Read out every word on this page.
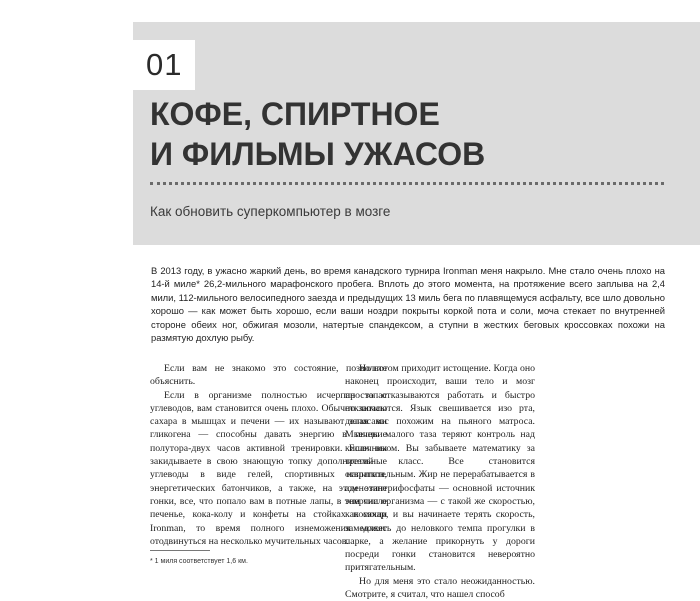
01
КОФЕ, СПИРТНОЕ
И ФИЛЬМЫ УЖАСОВ
Как обновить суперкомпьютер в мозге

В 2013 году, в ужасно жаркий день, во время канадского турнира Ironman меня накрыло. Мне стало очень плохо на 14-й миле* 26,2-мильного марафонского пробега. Вплоть до этого момента, на протяжение всего заплыва на 2,4 мили, 112-мильного велосипедного заезда и предыдущих 13 миль бега по плавящемуся асфальту, все шло довольно хорошо — как может быть хорошо, если ваши ноздри покрыты коркой пота и соли, моча стекает по внутренней стороне обеих ног, обжигая мозоли, натертые спандексом, а ступни в жестких беговых кроссовках похожи на размятую дохлую рыбу.

Если вам не знакомо это состояние, позвольте объяснить.

Если в организме полностью исчерпан запас углеводов, вам становится очень плохо. Обычно запасы сахара в мышцах и печени — их называют запасами гликогена — способны давать энергию в течение полутора-двух часов активной тренировки. Если вы закидываете в свою знающую топку дополнительные углеводы в виде гелей, спортивных напитков, энергетических батончиков, а также, на этом этапе гонки, все, что попало вам в потные лапы, в том числе печенье, кока-колу и конфеты на стойках помощи Ironman, то время полного изнеможения может отодвинуться на несколько мучительных часов.

Но потом приходит истощение. Когда оно наконец происходит, ваши тело и мозг просто отказываются работать и быстро отключаются. Язык свешивается изо рта, делая вас похожим на пьяного матроса. Мышцы малого таза теряют контроль над кишечником. Вы забываете математику за третий класс. Все становится отвратительным. Жир не перерабатывается в аденозинтрифосфаты — основной источник энергии организма — с такой же скоростью, как сахар, и вы начинаете терять скорость, замедляясь до неловкого темпа прогулки в парке, а желание прикорнуть у дороги посреди гонки становится невероятно притягательным.

Но для меня это стало неожиданностью. Смотрите, я считал, что нашел способ

* 1 миля соответствует 1,6 км.
